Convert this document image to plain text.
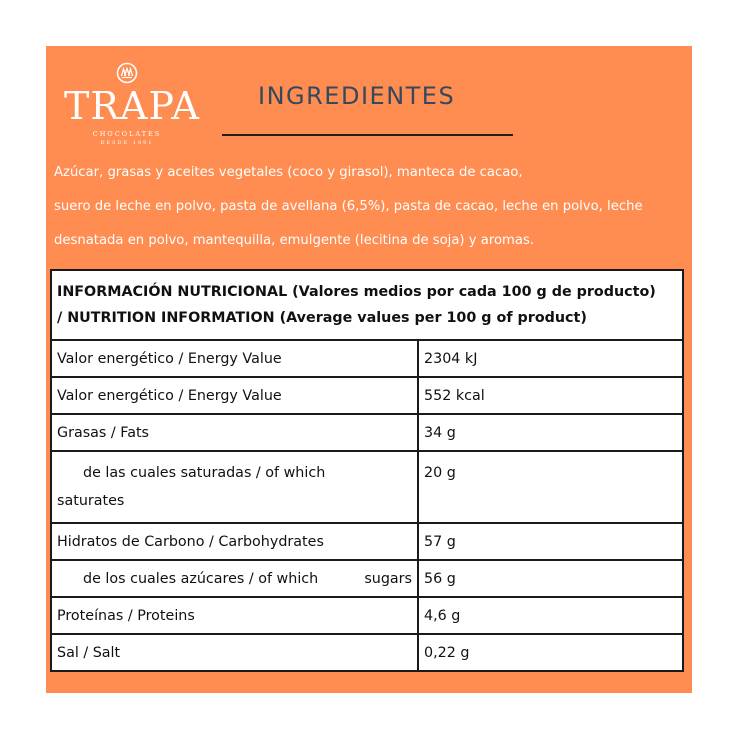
TRAPA
CHOCOLATES
DESDE 1891
INGREDIENTES

Azúcar, grasas y aceites vegetales (coco y girasol), manteca de cacao,

suero de leche en polvo, pasta de avellana (6,5%), pasta de cacao, leche en polvo, leche

desnatada en polvo, mantequilla, emulgente (lecitina de soja) y aromas.

INFORMACIÓN NUTRICIONAL (Valores medios por cada 100 g de producto)
/ NUTRITION INFORMATION (Average values per 100 g of product)	

Valor energético / Energy Value	2304 kJ
Valor energético / Energy Value	552 kcal
Grasas / Fats	34 g

de las cuales saturadas / of which
saturates	20 g
Hidratos de Carbono / Carbohydrates	57 g

de los cuales azúcares / of which sugars	56 g
Proteínas / Proteins	4,6 g
Sal / Salt	0,22 g
